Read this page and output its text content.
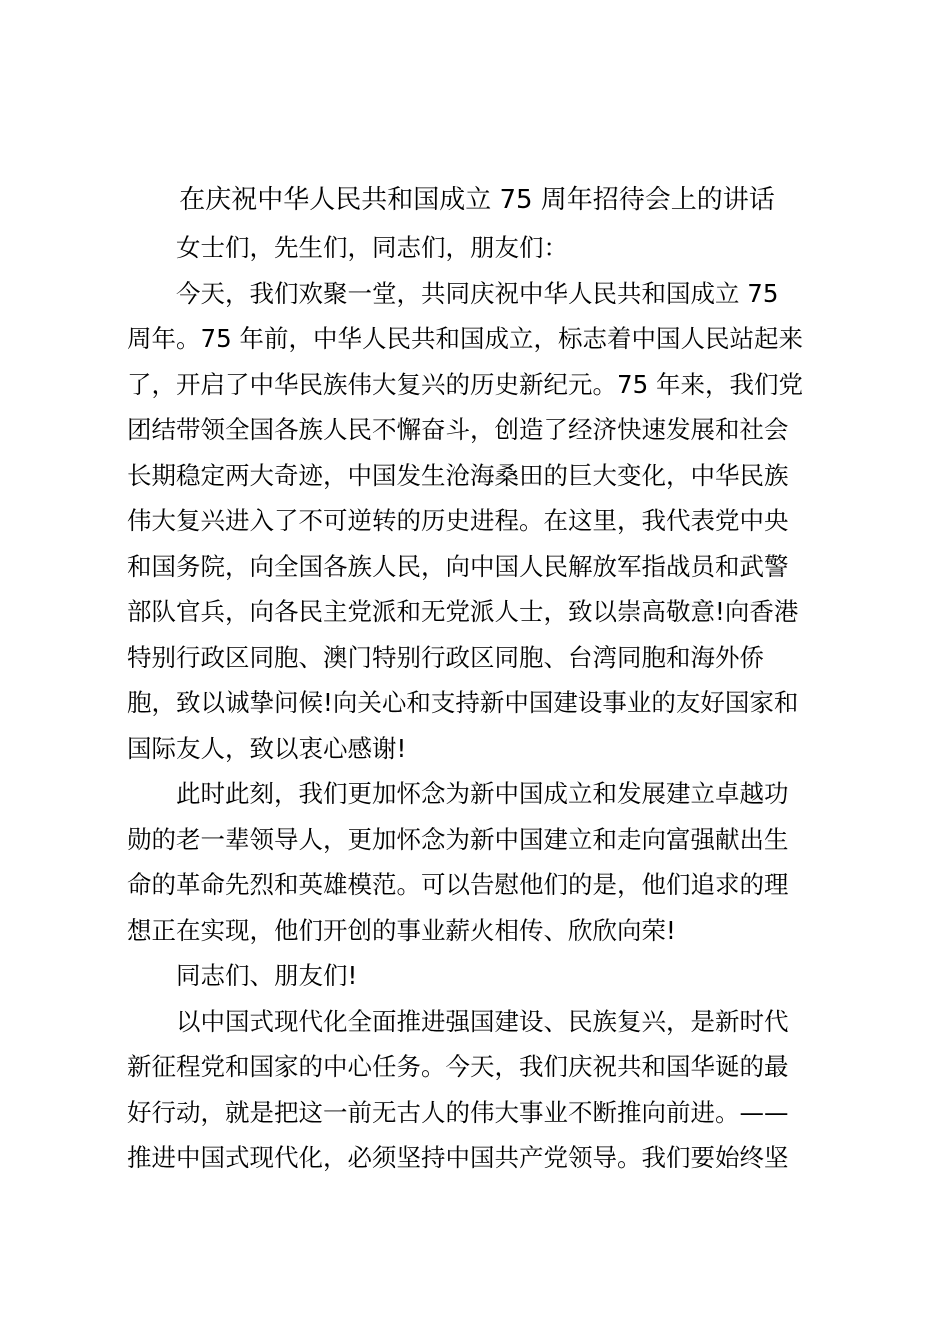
在庆祝中华人民共和国成立 75 周年招待会上的讲话

女士们，先生们，同志们，朋友们：

今天，我们欢聚一堂，共同庆祝中华人民共和国成立 75
周年。75 年前，中华人民共和国成立，标志着中国人民站起来
了，开启了中华民族伟大复兴的历史新纪元。75 年来，我们党
团结带领全国各族人民不懈奋斗，创造了经济快速发展和社会
长期稳定两大奇迹，中国发生沧海桑田的巨大变化，中华民族
伟大复兴进入了不可逆转的历史进程。在这里，我代表党中央
和国务院，向全国各族人民，向中国人民解放军指战员和武警
部队官兵，向各民主党派和无党派人士，致以崇高敬意!向香港
特别行政区同胞、澳门特别行政区同胞、台湾同胞和海外侨
胞，致以诚挚问候!向关心和支持新中国建设事业的友好国家和
国际友人，致以衷心感谢!

此时此刻，我们更加怀念为新中国成立和发展建立卓越功
勋的老一辈领导人，更加怀念为新中国建立和走向富强献出生
命的革命先烈和英雄模范。可以告慰他们的是，他们追求的理
想正在实现，他们开创的事业薪火相传、欣欣向荣!

同志们、朋友们!

以中国式现代化全面推进强国建设、民族复兴，是新时代
新征程党和国家的中心任务。今天，我们庆祝共和国华诞的最
好行动，就是把这一前无古人的伟大事业不断推向前进。——
推进中国式现代化，必须坚持中国共产党领导。我们要始终坚
